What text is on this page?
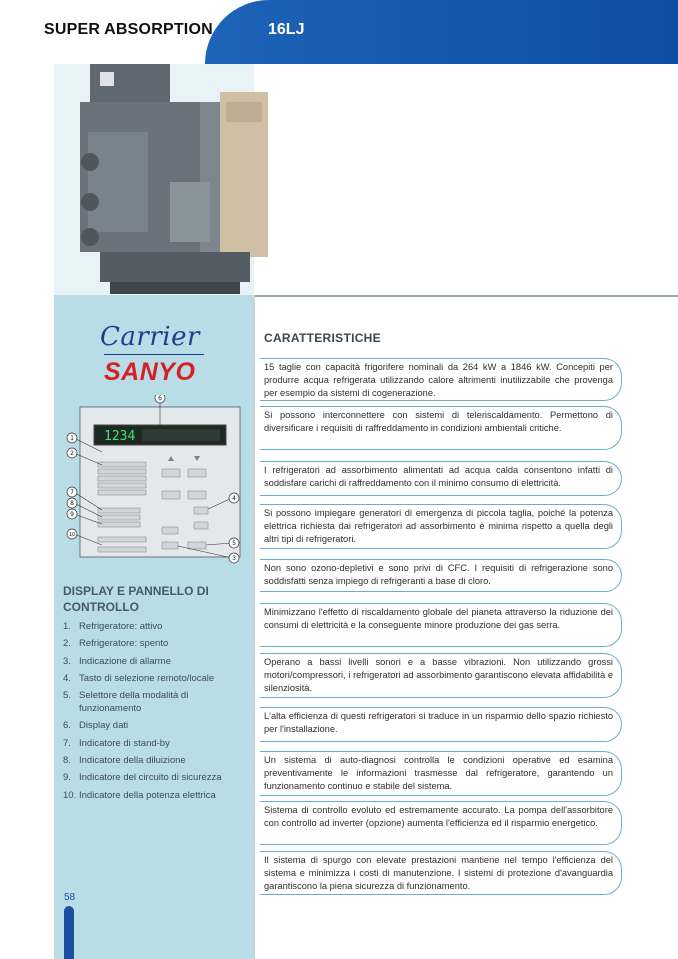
SUPER ABSORPTION	16LJ
Carrier
SANYO
1234
1
2
7
8
9
10
6
4
5
3
DISPLAY E PANNELLO DI CONTROLLO
1. Refrigeratore: attivo
2. Refrigeratore: spento
3. Indicazione di allarme
4. Tasto di selezione remoto/locale
5. Selettore della modalità di funzionamento
6. Display dati
7. Indicatore di stand-by
8. Indicatore della diluizione
9. Indicatore del circuito di sicurezza
10. Indicatore della potenza elettrica
58
CARATTERISTICHE
15 taglie con capacità frigorifere nominali da 264 kW a 1846 kW. Concepiti per produrre acqua refrigerata utilizzando calore altrimenti inutilizzabile che provenga per esempio da sistemi di cogenerazione.
Si possono interconnettere con sistemi di teleriscaldamento. Permettono di diversificare i requisiti di raffreddamento in condizioni ambientali critiche.
I refrigeratori ad assorbimento alimentati ad acqua calda consentono infatti di soddisfare carichi di raffreddamento con il minimo consumo di elettricità.
Si possono impiegare generatori di emergenza di piccola taglia, poiché la potenza elettrica richiesta dai refrigeratori ad assorbimento è minima rispetto a quella degli altri tipi di refrigeratori.
Non sono ozono-depletivi e sono privi di CFC. I requisiti di refrigerazione sono soddisfatti senza impiego di refrigeranti a base di cloro.
Minimizzano l'effetto di riscaldamento globale del pianeta attraverso la riduzione dei consumi di elettricità e la conseguente minore produzione dei gas serra.
Operano a bassi livelli sonori e a basse vibrazioni. Non utilizzando grossi motori/compressori, i refrigeratori ad assorbimento garantiscono elevata affidabilità e silenziosità.
L'alta efficienza di questi refrigeratori si traduce in un risparmio dello spazio richiesto per l'installazione.
Un sistema di auto-diagnosi controlla le condizioni operative ed esamina preventivamente le informazioni trasmesse dal refrigeratore, garantendo un funzionamento continuo e stabile del sistema.
Sistema di controllo evoluto ed estremamente accurato. La pompa dell'assorbitore con controllo ad inverter (opzione) aumenta l'efficienza ed il risparmio energetico.
Il sistema di spurgo con elevate prestazioni mantiene nel tempo l'efficienza del sistema e minimizza i costi di manutenzione. I sistemi di protezione d'avanguardia garantiscono la piena sicurezza di funzionamento.
